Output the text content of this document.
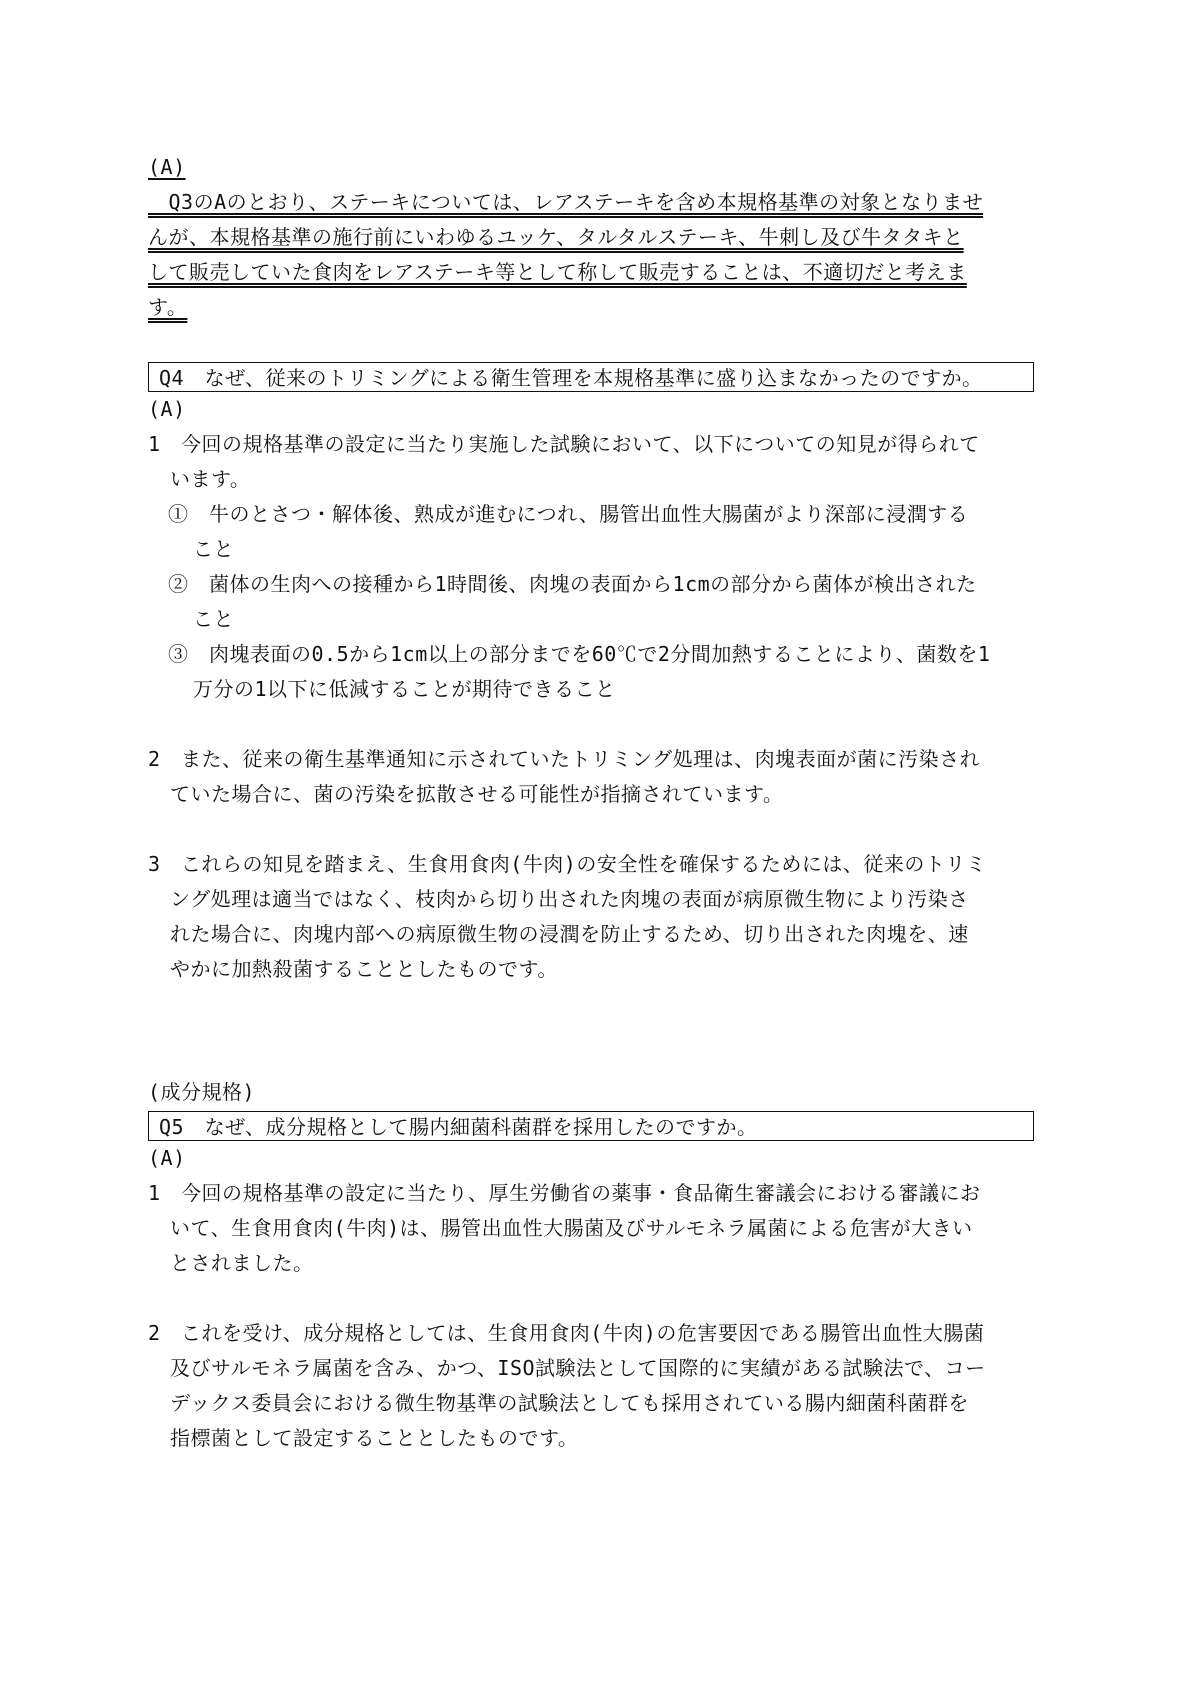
(A)
　Q3のAのとおり、ステーキについては、レアステーキを含め本規格基準の対象となりませ
んが、本規格基準の施行前にいわゆるユッケ、タルタルステーキ、牛刺し及び牛タタキと
して販売していた食肉をレアステーキ等として称して販売することは、不適切だと考えま
す。
Q4　なぜ、従来のトリミングによる衛生管理を本規格基準に盛り込まなかったのですか。
(A)
1　今回の規格基準の設定に当たり実施した試験において、以下についての知見が得られて
います。
①　牛のとさつ・解体後、熟成が進むにつれ、腸管出血性大腸菌がより深部に浸潤する
こと
②　菌体の生肉への接種から1時間後、肉塊の表面から1cmの部分から菌体が検出された
こと
③　肉塊表面の0.5から1cm以上の部分までを60℃で2分間加熱することにより、菌数を1
万分の1以下に低減することが期待できること
2　また、従来の衛生基準通知に示されていたトリミング処理は、肉塊表面が菌に汚染され
ていた場合に、菌の汚染を拡散させる可能性が指摘されています。
3　これらの知見を踏まえ、生食用食肉(牛肉)の安全性を確保するためには、従来のトリミ
ング処理は適当ではなく、枝肉から切り出された肉塊の表面が病原微生物により汚染さ
れた場合に、肉塊内部への病原微生物の浸潤を防止するため、切り出された肉塊を、速
やかに加熱殺菌することとしたものです。
(成分規格)
Q5　なぜ、成分規格として腸内細菌科菌群を採用したのですか。
(A)
1　今回の規格基準の設定に当たり、厚生労働省の薬事・食品衛生審議会における審議にお
いて、生食用食肉(牛肉)は、腸管出血性大腸菌及びサルモネラ属菌による危害が大きい
とされました。
2　これを受け、成分規格としては、生食用食肉(牛肉)の危害要因である腸管出血性大腸菌
及びサルモネラ属菌を含み、かつ、ISO試験法として国際的に実績がある試験法で、コー
デックス委員会における微生物基準の試験法としても採用されている腸内細菌科菌群を
指標菌として設定することとしたものです。
